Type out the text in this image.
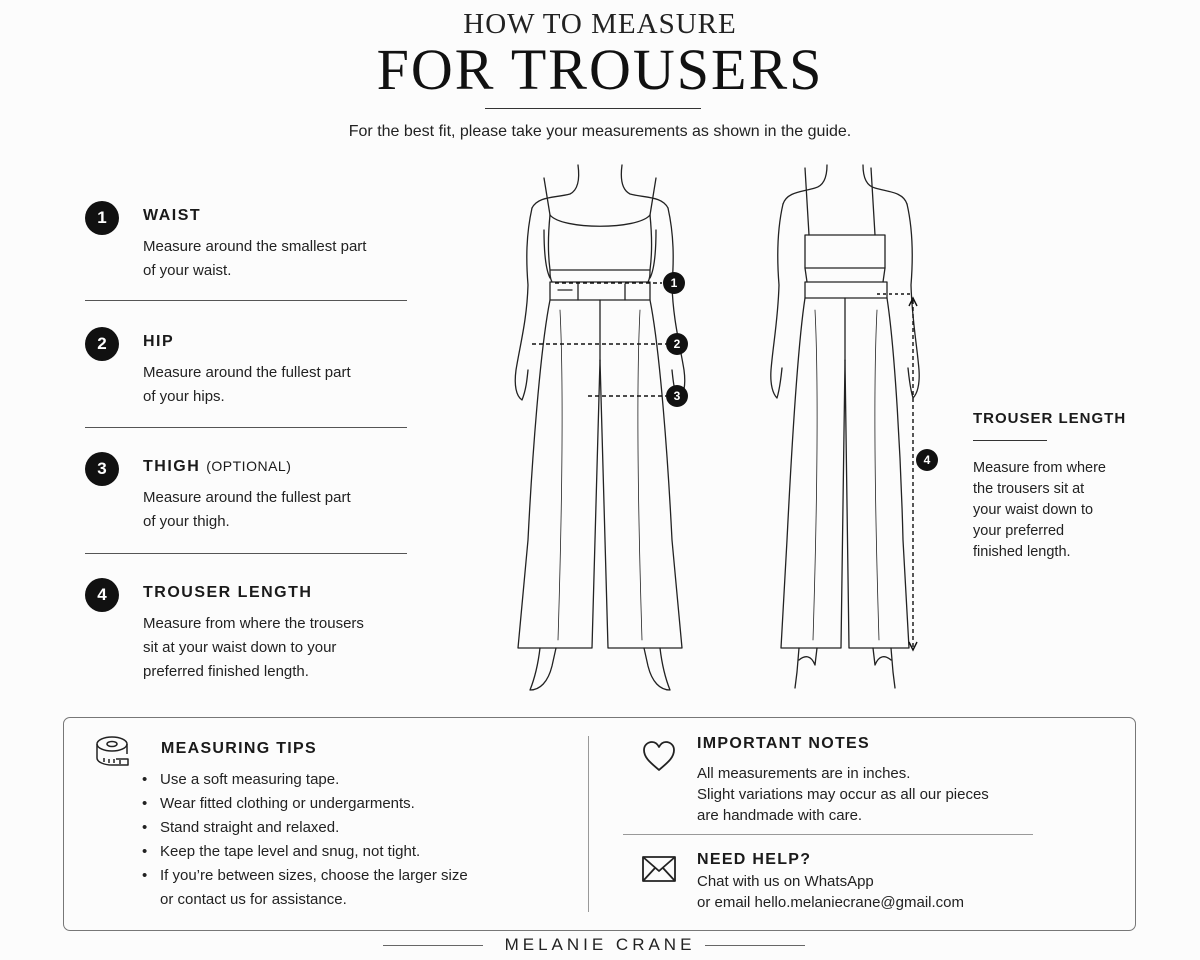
HOW TO MEASURE
FOR TROUSERS
For the best fit, please take your measurements as shown in the guide.
1	WAIST
Measure around the smallest part
of your waist.
2	HIP
Measure around the fullest part
of your hips.
3	THIGH (OPTIONAL)
Measure around the fullest part
of your thigh.
4	TROUSER LENGTH
Measure from where the trousers
sit at your waist down to your
preferred finished length.
1
2
3
4
TROUSER LENGTH
Measure from where
the trousers sit at
your waist down to
your preferred
finished length.
MEASURING TIPS
• Use a soft measuring tape.
• Wear fitted clothing or undergarments.
• Stand straight and relaxed.
• Keep the tape level and snug, not tight.
• If you’re between sizes, choose the larger size
or contact us for assistance.
IMPORTANT NOTES
All measurements are in inches.
Slight variations may occur as all our pieces
are handmade with care.
NEED HELP?
Chat with us on WhatsApp
or email hello.melaniecrane@gmail.com
MELANIE CRANE
